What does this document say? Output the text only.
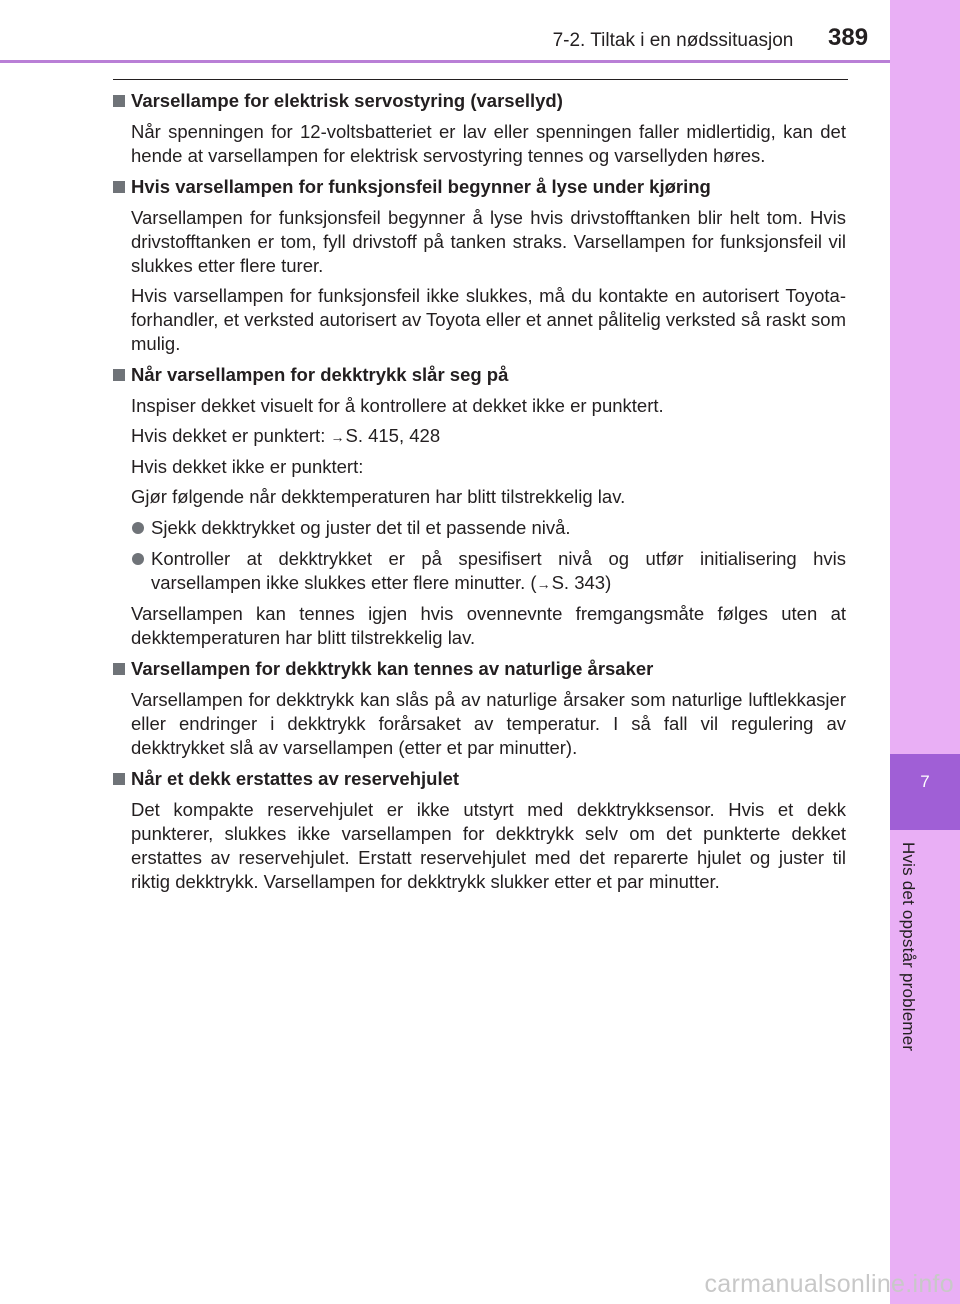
7-2. Tiltak i en nødssituasjon	389
7
Hvis det oppstår problemer
Varsellampe for elektrisk servostyring (varsellyd)
Når spenningen for 12-voltsbatteriet er lav eller spenningen faller midlertidig, kan det hende at varsellampen for elektrisk servostyring tennes og varsellyden høres.
Hvis varsellampen for funksjonsfeil begynner å lyse under kjøring
Varsellampen for funksjonsfeil begynner å lyse hvis drivstofftanken blir helt tom. Hvis drivstofftanken er tom, fyll drivstoff på tanken straks. Varsellampen for funksjonsfeil vil slukkes etter flere turer.
Hvis varsellampen for funksjonsfeil ikke slukkes, må du kontakte en autorisert Toyota-forhandler, et verksted autorisert av Toyota eller et annet pålitelig verksted så raskt som mulig.
Når varsellampen for dekktrykk slår seg på
Inspiser dekket visuelt for å kontrollere at dekket ikke er punktert.
Hvis dekket er punktert: →S. 415, 428
Hvis dekket ikke er punktert:
Gjør følgende når dekktemperaturen har blitt tilstrekkelig lav.
Sjekk dekktrykket og juster det til et passende nivå.
Kontroller at dekktrykket er på spesifisert nivå og utfør initialisering hvis varsellampen ikke slukkes etter flere minutter. (→S. 343)
Varsellampen kan tennes igjen hvis ovennevnte fremgangsmåte følges uten at dekktemperaturen har blitt tilstrekkelig lav.
Varsellampen for dekktrykk kan tennes av naturlige årsaker
Varsellampen for dekktrykk kan slås på av naturlige årsaker som naturlige luftlekkasjer eller endringer i dekktrykk forårsaket av temperatur. I så fall vil regulering av dekktrykket slå av varsellampen (etter et par minutter).
Når et dekk erstattes av reservehjulet
Det kompakte reservehjulet er ikke utstyrt med dekktrykksensor. Hvis et dekk punkterer, slukkes ikke varsellampen for dekktrykk selv om det punkterte dekket erstattes av reservehjulet. Erstatt reservehjulet med det reparerte hjulet og juster til riktig dekktrykk. Varsellampen for dekktrykk slukker etter et par minutter.
carmanualsonline.info
